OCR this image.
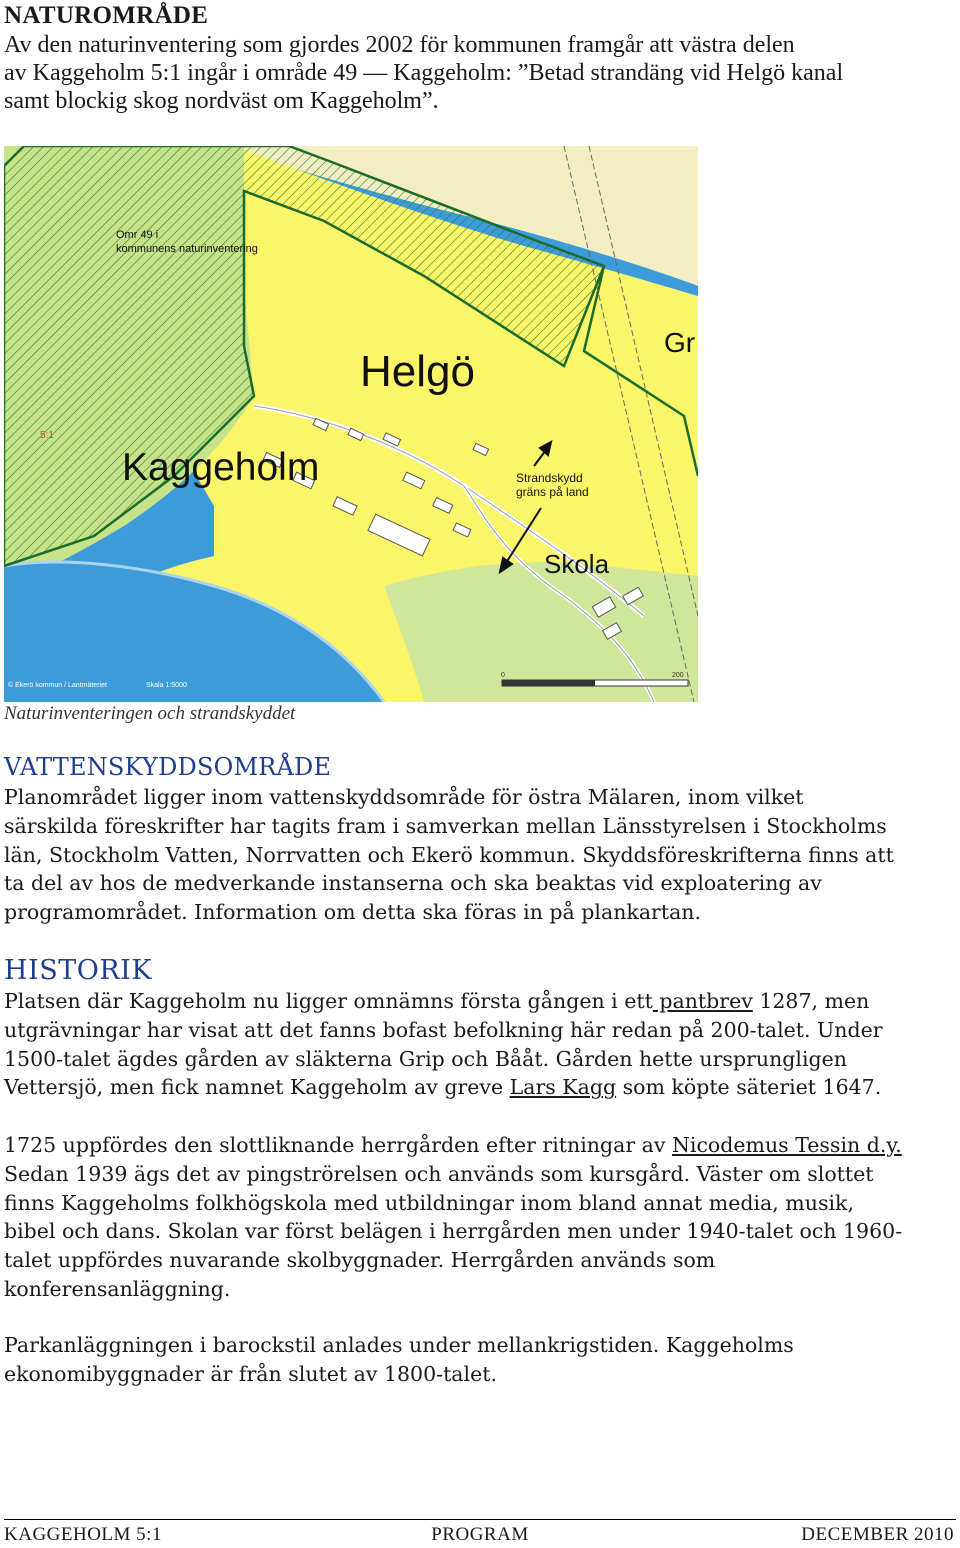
NATUROMRÅDE
Av den naturinventering som gjordes 2002 för kommunen framgår att västra delen
av Kaggeholm 5:1 ingår i område 49 — Kaggeholm: ”Betad strandäng vid Helgö kanal
samt blockig skog nordväst om Kaggeholm”.
Omr 49 i
kommunens naturinventering
Helgö
Kaggeholm
Skola
Strandskydd
gräns på land
Gr
5:1
© Ekerö kommun / Lantmäteriet	Skala 1:5000
0	200
Naturinventeringen och strandskyddet
VATTENSKYDDSOMRÅDE
Planområdet ligger inom vattenskyddsområde för östra Mälaren, inom vilket
särskilda föreskrifter har tagits fram i samverkan mellan Länsstyrelsen i Stockholms
län, Stockholm Vatten, Norrvatten och Ekerö kommun. Skyddsföreskrifterna finns att
ta del av hos de medverkande instanserna och ska beaktas vid exploatering av
programområdet. Information om detta ska föras in på plankartan.
HISTORIK
Platsen där Kaggeholm nu ligger omnämns första gången i ett pantbrev 1287, men
utgrävningar har visat att det fanns bofast befolkning här redan på 200-talet. Under
1500-talet ägdes gården av släkterna Grip och Bååt. Gården hette ursprungligen
Vettersjö, men fick namnet Kaggeholm av greve Lars Kagg som köpte säteriet 1647.
1725 uppfördes den slottliknande herrgården efter ritningar av Nicodemus Tessin d.y.
Sedan 1939 ägs det av pingströrelsen och används som kursgård. Väster om slottet
finns Kaggeholms folkhögskola med utbildningar inom bland annat media, musik,
bibel och dans. Skolan var först belägen i herrgården men under 1940-talet och 1960-
talet uppfördes nuvarande skolbyggnader. Herrgården används som
konferensanläggning.
Parkanläggningen i barockstil anlades under mellankrigstiden. Kaggeholms
ekonomibyggnader är från slutet av 1800-talet.
KAGGEHOLM 5:1	PROGRAM	DECEMBER 2010
